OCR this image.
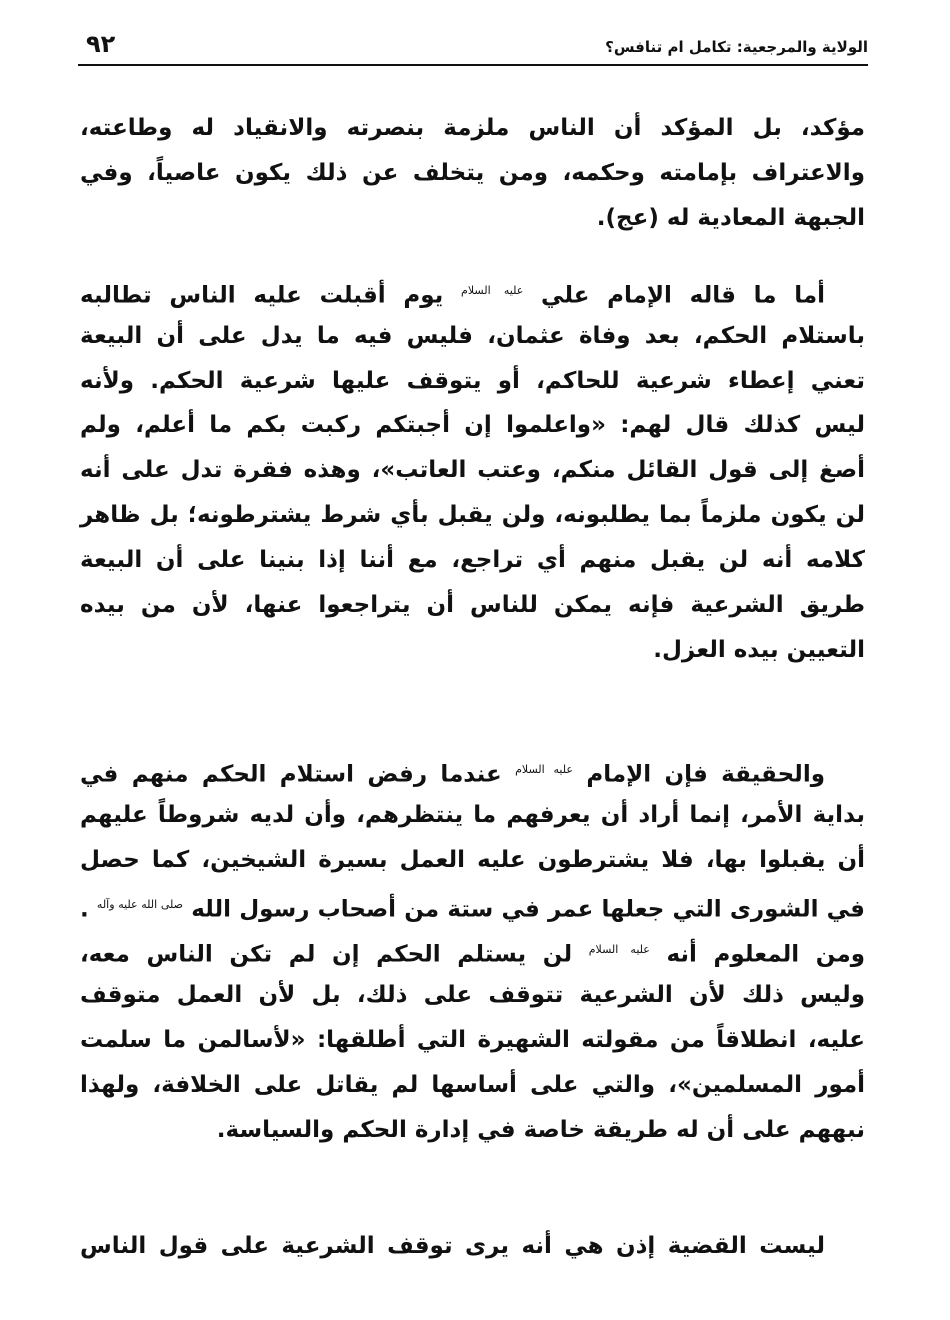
الولاية والمرجعية: تكامل ام تنافس؟
٩٢
مؤكد، بل المؤكد أن الناس ملزمة بنصرته والانقياد له وطاعته،
والاعتراف بإمامته وحكمه، ومن يتخلف عن ذلك يكون عاصياً، وفي
الجبهة المعادية له (عج).
أما ما قاله الإمام علي $^{عليه السلام}$ يوم أقبلت عليه الناس تطالبه
باستلام الحكم، بعد وفاة عثمان، فليس فيه ما يدل على أن البيعة
تعني إعطاء شرعية للحاكم، أو يتوقف عليها شرعية الحكم. ولأنه
ليس كذلك قال لهم: «واعلموا إن أجبتكم ركبت بكم ما أعلم، ولم
أصغ إلى قول القائل منكم، وعتب العاتب»، وهذه فقرة تدل على أنه
لن يكون ملزماً بما يطلبونه، ولن يقبل بأي شرط يشترطونه؛ بل ظاهر
كلامه أنه لن يقبل منهم أي تراجع، مع أننا إذا بنينا على أن البيعة
طريق الشرعية فإنه يمكن للناس أن يتراجعوا عنها، لأن من بيده
التعيين بيده العزل.
والحقيقة فإن الإمام $^{عليه السلام}$ عندما رفض استلام الحكم منهم في
بداية الأمر، إنما أراد أن يعرفهم ما ينتظرهم، وأن لديه شروطاً عليهم
أن يقبلوا بها، فلا يشترطون عليه العمل بسيرة الشيخين، كما حصل
في الشورى التي جعلها عمر في ستة من أصحاب رسول الله $^{صلى الله عليه وآله}$ .
ومن المعلوم أنه $^{عليه السلام}$ لن يستلم الحكم إن لم تكن الناس معه،
وليس ذلك لأن الشرعية تتوقف على ذلك، بل لأن العمل متوقف
عليه، انطلاقاً من مقولته الشهيرة التي أطلقها: «لأسالمن ما سلمت
أمور المسلمين»، والتي على أساسها لم يقاتل على الخلافة، ولهذا
نبههم على أن له طريقة خاصة في إدارة الحكم والسياسة.
ليست القضية إذن هي أنه يرى توقف الشرعية على قول الناس
